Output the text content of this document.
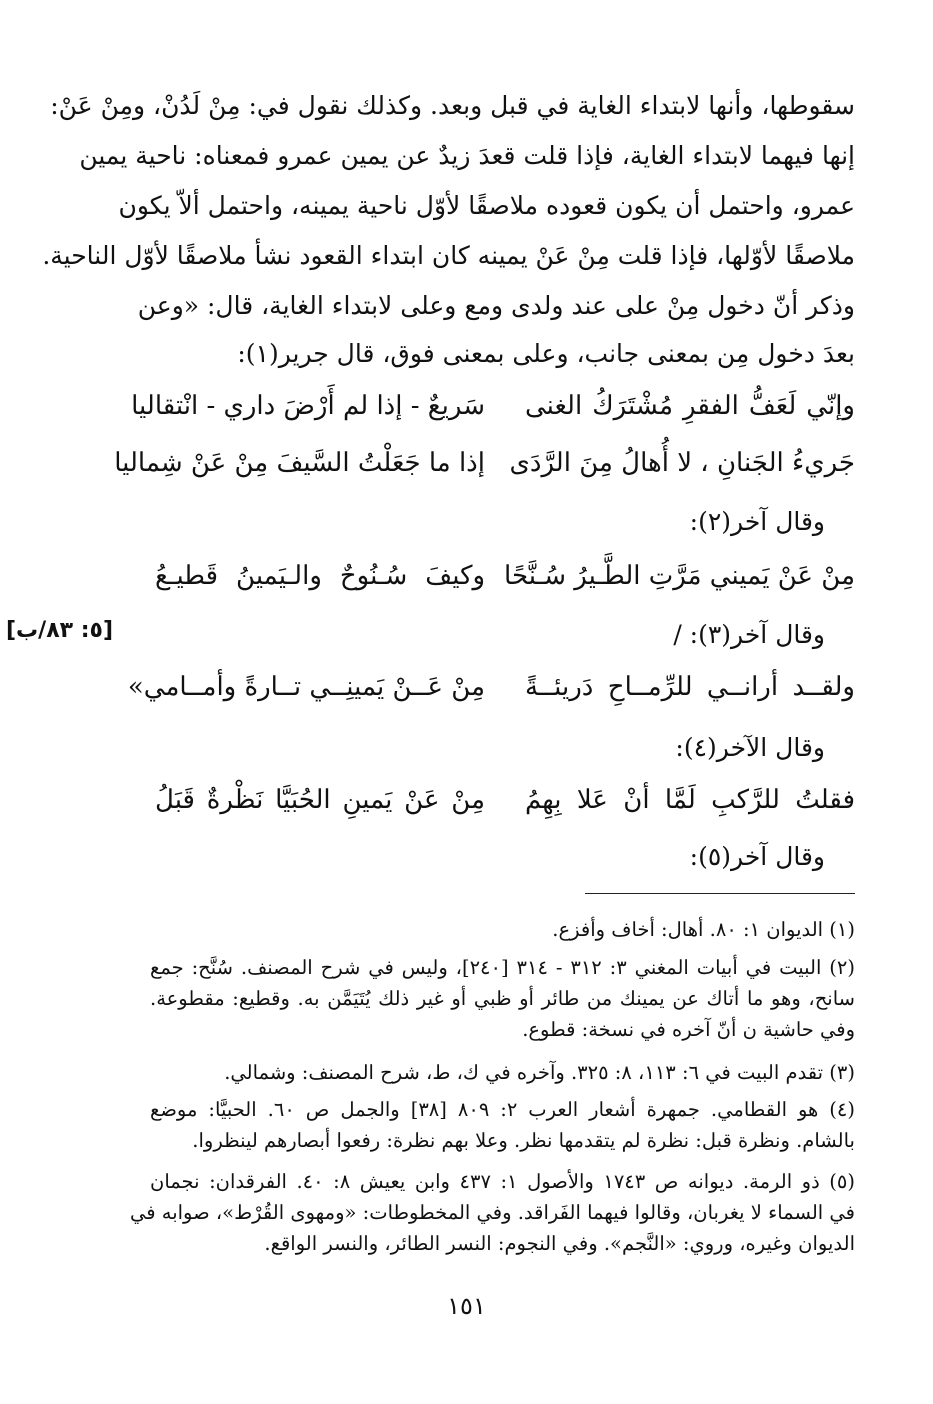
سقوطها، وأنها لابتداء الغاية في قبل وبعد. وكذلك نقول في: مِنْ لَدُنْ، ومِنْ عَنْ:
إنها فيهما لابتداء الغاية، فإذا قلت قعدَ زيدٌ عن يمين عمرو فمعناه: ناحية يمين
عمرو، واحتمل أن يكون قعوده ملاصقًا لأوّل ناحية يمينه، واحتمل ألاّ يكون
ملاصقًا لأوّلها، فإذا قلت مِنْ عَنْ يمينه كان ابتداء القعود نشأ ملاصقًا لأوّل الناحية.
وذكر أنّ دخول مِنْ على عند ولدى ومع وعلى لابتداء الغاية، قال: «وعن
بعدَ دخول مِن بمعنى جانب، وعلى بمعنى فوق، قال جرير(١):
وإنّي لَعَفُّ الفقرِ مُشْتَرَكُ الغنى
سَريعٌ - إذا لم أَرْضَ داري - انْتقاليا
جَريءُ الجَنانِ ، لا أُهالُ مِنَ الرَّدَى
إذا ما جَعَلْتُ السَّيفَ مِنْ عَنْ شِماليا
وقال آخر(٢):
مِنْ عَنْ يَميني مَرَّتِ الطَّـيرُ سُـنَّحًا
وكيفَ سُـنُوحٌ والـيَمينُ قَطيـعُ
وقال آخر(٣): /
[٥: ٨٣/ب]
ولقــد أرانــي للرِّمــاحِ دَريئــةً
مِنْ عَــنْ يَمينِــي تــارةً وأمــامي»
وقال الآخر(٤):
فقلتُ للرَّكبِ لَمَّا أنْ عَلا بِهِمُ
مِنْ عَنْ يَمينِ الحُبَيَّا نَظْرةٌ قَبَلُ
وقال آخر(٥):
(١) الديوان ١: ٨٠. أهال: أخاف وأفزع.
(٢) البيت في أبيات المغني ٣: ٣١٢ - ٣١٤ [٢٤٠]، وليس في شرح المصنف. سُنَّح: جمع
سانح، وهو ما أتاك عن يمينك من طائر أو ظبي أو غير ذلك يُتَيَمَّن به. وقطيع: مقطوعة.
وفي حاشية ن أنّ آخره في نسخة: قطوع.
(٣) تقدم البيت في ٦: ١١٣، ٨: ٣٢٥. وآخره في ك، ط، شرح المصنف: وشمالي.
(٤) هو القطامي. جمهرة أشعار العرب ٢: ٨٠٩ [٣٨] والجمل ص ٦٠. الحبيَّا: موضع
بالشام. ونظرة قبل: نظرة لم يتقدمها نظر. وعلا بهم نظرة: رفعوا أبصارهم لينظروا.
(٥) ذو الرمة. ديوانه ص ١٧٤٣ والأصول ١: ٤٣٧ وابن يعيش ٨: ٤٠. الفرقدان: نجمان
في السماء لا يغربان، وقالوا فيهما الفَراقد. وفي المخطوطات: «ومهوى القُرْط»، صوابه في
الديوان وغيره، وروي: «النَّجم». وفي النجوم: النسر الطائر، والنسر الواقع.
١٥١
